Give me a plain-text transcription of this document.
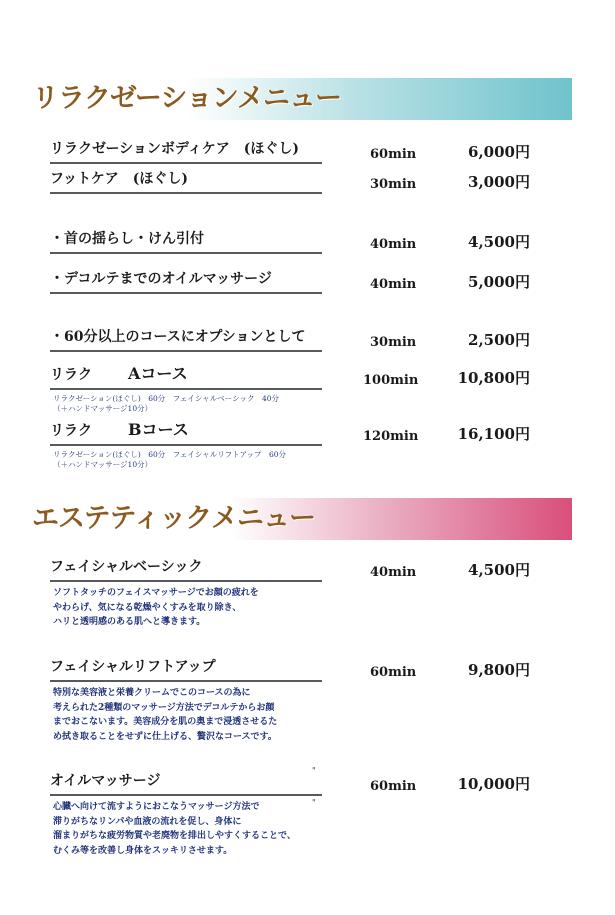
リラクゼーションメニュー
リラクゼーションボディケア　(ほぐし)	60min	6,000円
フットケア　(ほぐし)	30min	3,000円
・首の揺らし・けん引付	40min	4,500円
・デコルテまでのオイルマッサージ	40min	5,000円
・60分以上のコースにオプションとして	30min	2,500円
リラク Aコース	100min	10,800円
リラクゼーション(ほぐし)　60分　フェイシャルベーシック　40分
（＋ハンドマッサージ10分）
リラク Bコース	120min	16,100円
リラクゼーション(ほぐし)　60分　フェイシャルリフトアップ　60分
（＋ハンドマッサージ10分）
エステティックメニュー
フェイシャルベーシック	40min	4,500円
ソフトタッチのフェイスマッサージでお顔の疲れを
やわらげ、気になる乾燥やくすみを取り除き、
ハリと透明感のある肌へと導きます。
フェイシャルリフトアップ	60min	9,800円
特別な美容液と栄養クリームでこのコースの為に
考えられた2種類のマッサージ方法でデコルテからお顔
までおこないます。美容成分を肌の奥まで浸透させるた
め拭き取ることをせずに仕上げる、贅沢なコースです。
"
オイルマッサージ	60min	10,000円
"
心臓へ向けて流すようにおこなうマッサージ方法で
滞りがちなリンパや血液の流れを促し、身体に
溜まりがちな疲労物質や老廃物を排出しやすくすることで、
むくみ等を改善し身体をスッキリさせます。
